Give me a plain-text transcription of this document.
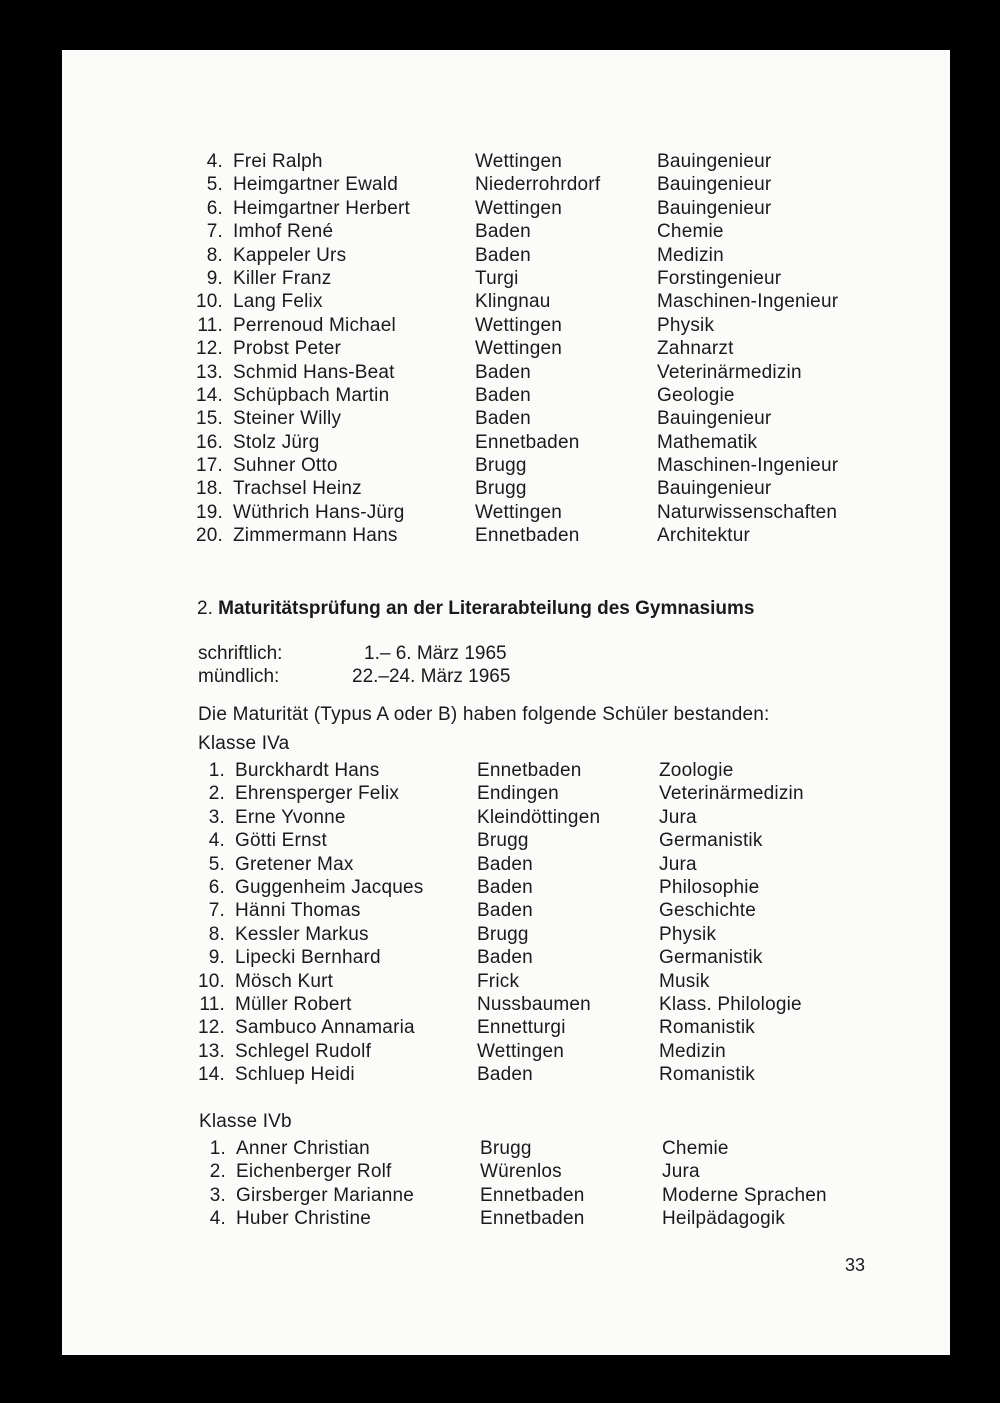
4. Frei Ralph	Wettingen	Bauingenieur
5. Heimgartner Ewald	Niederrohrdorf	Bauingenieur
6. Heimgartner Herbert	Wettingen	Bauingenieur
7. Imhof René	Baden	Chemie
8. Kappeler Urs	Baden	Medizin
9. Killer Franz	Turgi	Forstingenieur
10. Lang Felix	Klingnau	Maschinen-Ingenieur
11. Perrenoud Michael	Wettingen	Physik
12. Probst Peter	Wettingen	Zahnarzt
13. Schmid Hans-Beat	Baden	Veterinärmedizin
14. Schüpbach Martin	Baden	Geologie
15. Steiner Willy	Baden	Bauingenieur
16. Stolz Jürg	Ennetbaden	Mathematik
17. Suhner Otto	Brugg	Maschinen-Ingenieur
18. Trachsel Heinz	Brugg	Bauingenieur
19. Wüthrich Hans-Jürg	Wettingen	Naturwissenschaften
20. Zimmermann Hans	Ennetbaden	Architektur
2. Maturitätsprüfung an der Literarabteilung des Gymnasiums
schriftlich:	1.– 6. März 1965
mündlich:	22.–24. März 1965
Die Maturität (Typus A oder B) haben folgende Schüler bestanden:
Klasse IVa
1. Burckhardt Hans	Ennetbaden	Zoologie
2. Ehrensperger Felix	Endingen	Veterinärmedizin
3. Erne Yvonne	Kleindöttingen	Jura
4. Götti Ernst	Brugg	Germanistik
5. Gretener Max	Baden	Jura
6. Guggenheim Jacques	Baden	Philosophie
7. Hänni Thomas	Baden	Geschichte
8. Kessler Markus	Brugg	Physik
9. Lipecki Bernhard	Baden	Germanistik
10. Mösch Kurt	Frick	Musik
11. Müller Robert	Nussbaumen	Klass. Philologie
12. Sambuco Annamaria	Ennetturgi	Romanistik
13. Schlegel Rudolf	Wettingen	Medizin
14. Schluep Heidi	Baden	Romanistik
Klasse IVb
1. Anner Christian	Brugg	Chemie
2. Eichenberger Rolf	Würenlos	Jura
3. Girsberger Marianne	Ennetbaden	Moderne Sprachen
4. Huber Christine	Ennetbaden	Heilpädagogik
33
